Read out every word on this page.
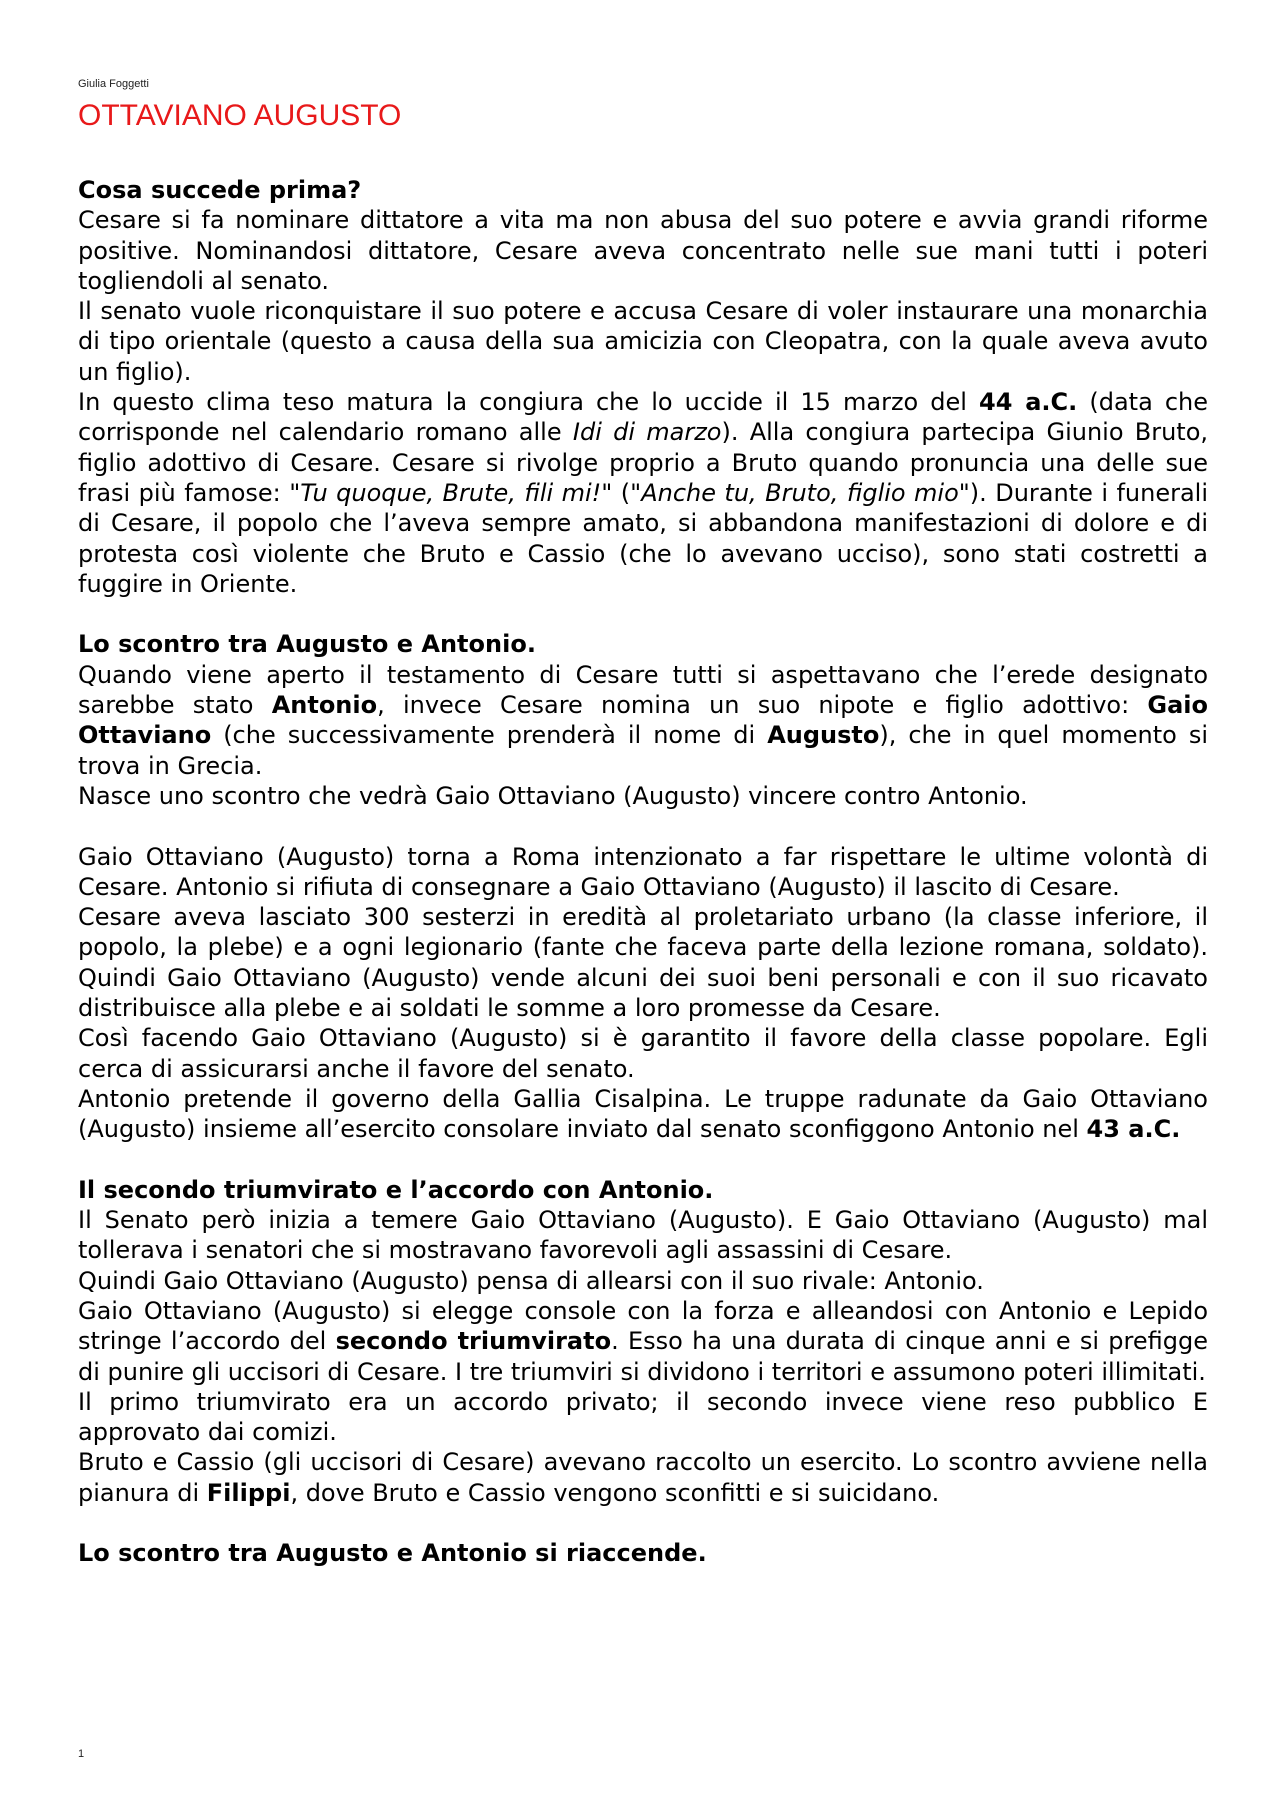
Giulia Foggetti
OTTAVIANO AUGUSTO
Cosa succede prima?

Cesare si fa nominare dittatore a vita ma non abusa del suo potere e avvia grandi riforme positive. Nominandosi dittatore, Cesare aveva concentrato nelle sue mani tutti i poteri togliendoli al senato.

Il senato vuole riconquistare il suo potere e accusa Cesare di voler instaurare una monarchia di tipo orientale (questo a causa della sua amicizia con Cleopatra, con la quale aveva avuto un figlio).

In questo clima teso matura la congiura che lo uccide il 15 marzo del 44 a.C. (data che corrisponde nel calendario romano alle Idi di marzo). Alla congiura partecipa Giunio Bruto, figlio adottivo di Cesare. Cesare si rivolge proprio a Bruto quando pronuncia una delle sue frasi più famose: "Tu quoque, Brute, fili mi!" ("Anche tu, Bruto, figlio mio"). Durante i funerali di Cesare, il popolo che l’aveva sempre amato, si abbandona manifestazioni di dolore e di protesta così violente che Bruto e Cassio (che lo avevano ucciso), sono stati costretti a fuggire in Oriente.

Lo scontro tra Augusto e Antonio.

Quando viene aperto il testamento di Cesare tutti si aspettavano che l’erede designato sarebbe stato Antonio, invece Cesare nomina un suo nipote e figlio adottivo: Gaio Ottaviano (che successivamente prenderà il nome di Augusto), che in quel momento si trova in Grecia.

Nasce uno scontro che vedrà Gaio Ottaviano (Augusto) vincere contro Antonio.

Gaio Ottaviano (Augusto) torna a Roma intenzionato a far rispettare le ultime volontà di Cesare. Antonio si rifiuta di consegnare a Gaio Ottaviano (Augusto) il lascito di Cesare.

Cesare aveva lasciato 300 sesterzi in eredità al proletariato urbano (la classe inferiore, il popolo, la plebe) e a ogni legionario (fante che faceva parte della lezione romana, soldato). Quindi Gaio Ottaviano (Augusto) vende alcuni dei suoi beni personali e con il suo ricavato distribuisce alla plebe e ai soldati le somme a loro promesse da Cesare.

Così facendo Gaio Ottaviano (Augusto) si è garantito il favore della classe popolare. Egli cerca di assicurarsi anche il favore del senato.

Antonio pretende il governo della Gallia Cisalpina. Le truppe radunate da Gaio Ottaviano (Augusto) insieme all’esercito consolare inviato dal senato sconfiggono Antonio nel 43 a.C.

Il secondo triumvirato e l’accordo con Antonio.

Il Senato però inizia a temere Gaio Ottaviano (Augusto). E Gaio Ottaviano (Augusto) mal tollerava i senatori che si mostravano favorevoli agli assassini di Cesare.

Quindi Gaio Ottaviano (Augusto) pensa di allearsi con il suo rivale: Antonio.

Gaio Ottaviano (Augusto) si elegge console con la forza e alleandosi con Antonio e Lepido stringe l’accordo del secondo triumvirato. Esso ha una durata di cinque anni e si prefigge di punire gli uccisori di Cesare. I tre triumviri si dividono i territori e assumono poteri illimitati.

Il primo triumvirato era un accordo privato; il secondo invece viene reso pubblico E approvato dai comizi.

Bruto e Cassio (gli uccisori di Cesare) avevano raccolto un esercito. Lo scontro avviene nella pianura di Filippi, dove Bruto e Cassio vengono sconfitti e si suicidano.

Lo scontro tra Augusto e Antonio si riaccende.
1
